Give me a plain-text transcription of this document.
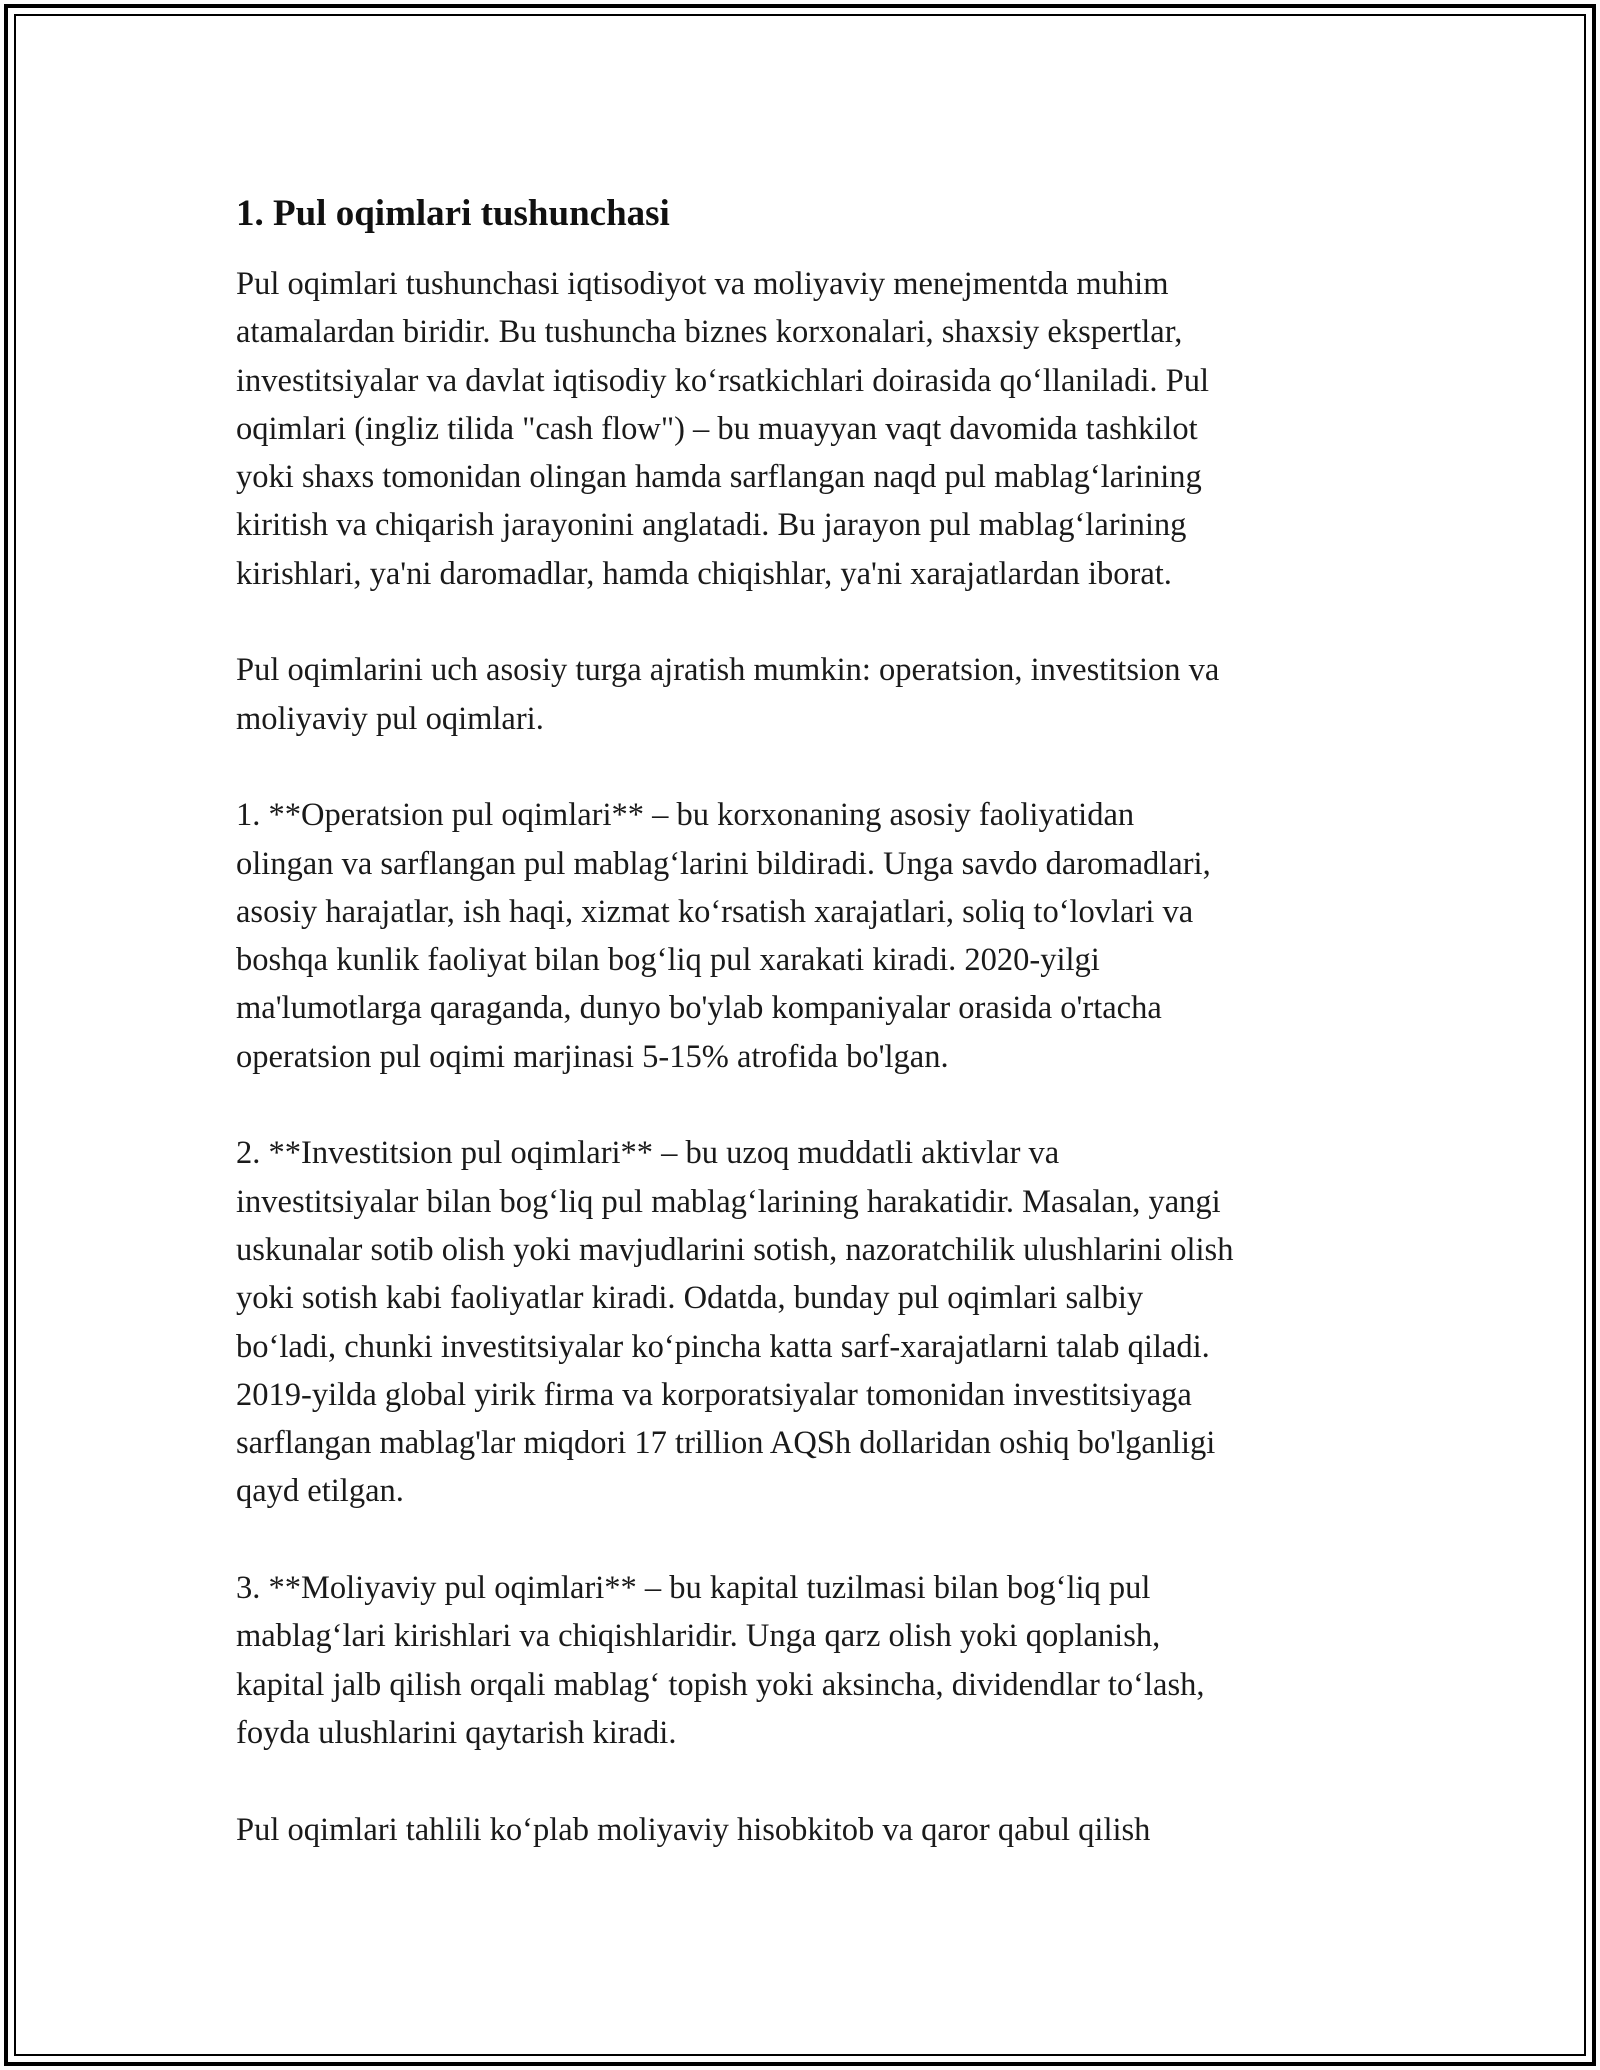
1. Pul oqimlari tushunchasi

Pul oqimlari tushunchasi iqtisodiyot va moliyaviy menejmentda muhim
atamalardan biridir. Bu tushuncha biznes korxonalari, shaxsiy ekspertlar,
investitsiyalar va davlat iqtisodiy koʻrsatkichlari doirasida qoʻllaniladi. Pul
oqimlari (ingliz tilida "cash flow") – bu muayyan vaqt davomida tashkilot
yoki shaxs tomonidan olingan hamda sarflangan naqd pul mablagʻlarining
kiritish va chiqarish jarayonini anglatadi. Bu jarayon pul mablagʻlarining
kirishlari, ya'ni daromadlar, hamda chiqishlar, ya'ni xarajatlardan iborat.

Pul oqimlarini uch asosiy turga ajratish mumkin: operatsion, investitsion va
moliyaviy pul oqimlari.

1. **Operatsion pul oqimlari** – bu korxonaning asosiy faoliyatidan
olingan va sarflangan pul mablagʻlarini bildiradi. Unga savdo daromadlari,
asosiy harajatlar, ish haqi, xizmat koʻrsatish xarajatlari, soliq toʻlovlari va
boshqa kunlik faoliyat bilan bogʻliq pul xarakati kiradi. 2020-yilgi
ma'lumotlarga qaraganda, dunyo bo'ylab kompaniyalar orasida o'rtacha
operatsion pul oqimi marjinasi 5-15% atrofida bo'lgan.

2. **Investitsion pul oqimlari** – bu uzoq muddatli aktivlar va
investitsiyalar bilan bogʻliq pul mablagʻlarining harakatidir. Masalan, yangi
uskunalar sotib olish yoki mavjudlarini sotish, nazoratchilik ulushlarini olish
yoki sotish kabi faoliyatlar kiradi. Odatda, bunday pul oqimlari salbiy
boʻladi, chunki investitsiyalar koʻpincha katta sarf-xarajatlarni talab qiladi.
2019-yilda global yirik firma va korporatsiyalar tomonidan investitsiyaga
sarflangan mablag'lar miqdori 17 trillion AQSh dollaridan oshiq bo'lganligi
qayd etilgan.

3. **Moliyaviy pul oqimlari** – bu kapital tuzilmasi bilan bogʻliq pul
mablagʻlari kirishlari va chiqishlaridir. Unga qarz olish yoki qoplanish,
kapital jalb qilish orqali mablagʻ topish yoki aksincha, dividendlar toʻlash,
foyda ulushlarini qaytarish kiradi.

Pul oqimlari tahlili koʻplab moliyaviy hisobkitob va qaror qabul qilish
